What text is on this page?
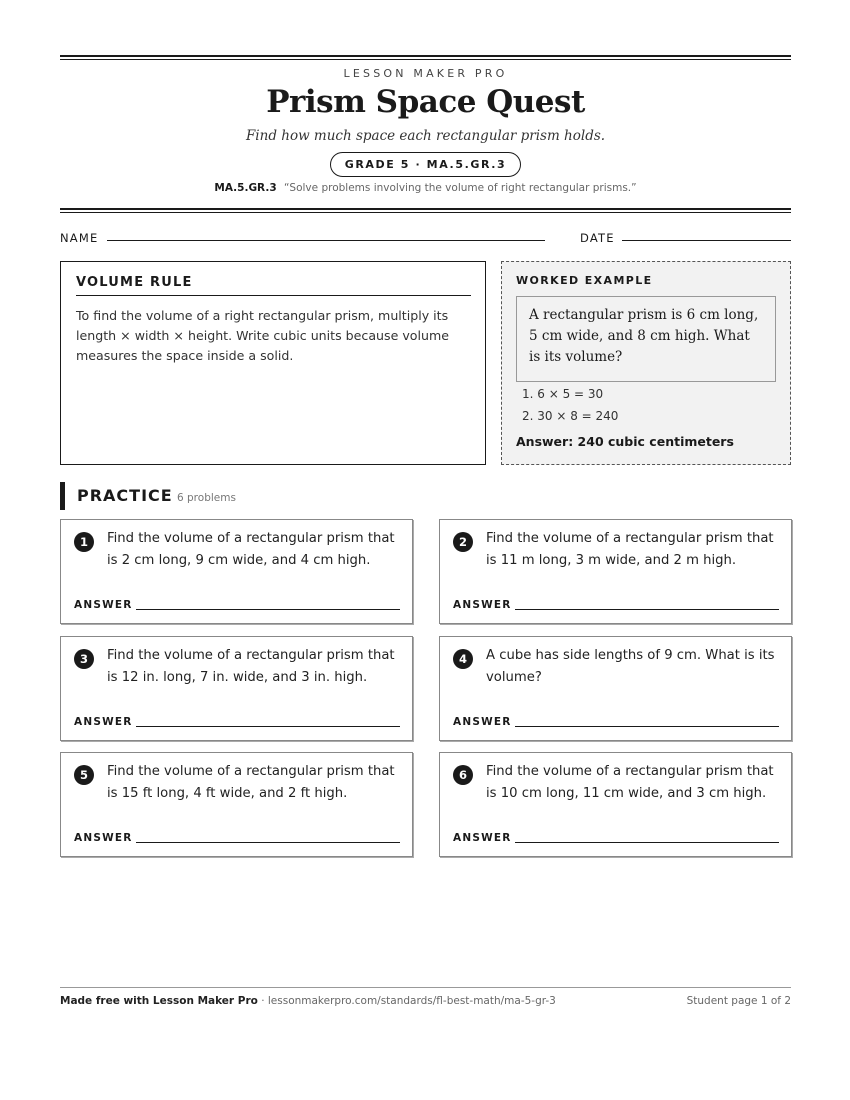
LESSON MAKER PRO
Prism Space Quest
Find how much space each rectangular prism holds.
GRADE 5 · MA.5.GR.3
MA.5.GR.3 “Solve problems involving the volume of right rectangular prisms.”
NAME	DATE
VOLUME RULE
To find the volume of a right rectangular prism, multiply its length × width × height. Write cubic units because volume measures the space inside a solid.
WORKED EXAMPLE
A rectangular prism is 6 cm long, 5 cm wide, and 8 cm high. What is its volume?
1. 6 × 5 = 30
2. 30 × 8 = 240
Answer: 240 cubic centimeters
PRACTICE 6 problems
1	Find the volume of a rectangular prism that is 2 cm long, 9 cm wide, and 4 cm high.
ANSWER
2	Find the volume of a rectangular prism that is 11 m long, 3 m wide, and 2 m high.
ANSWER
3	Find the volume of a rectangular prism that is 12 in. long, 7 in. wide, and 3 in. high.
ANSWER
4	A cube has side lengths of 9 cm. What is its volume?
ANSWER
5	Find the volume of a rectangular prism that is 15 ft long, 4 ft wide, and 2 ft high.
ANSWER
6	Find the volume of a rectangular prism that is 10 cm long, 11 cm wide, and 3 cm high.
ANSWER
Made free with Lesson Maker Pro · lessonmakerpro.com/standards/fl-best-math/ma-5-gr-3	Student page 1 of 2
